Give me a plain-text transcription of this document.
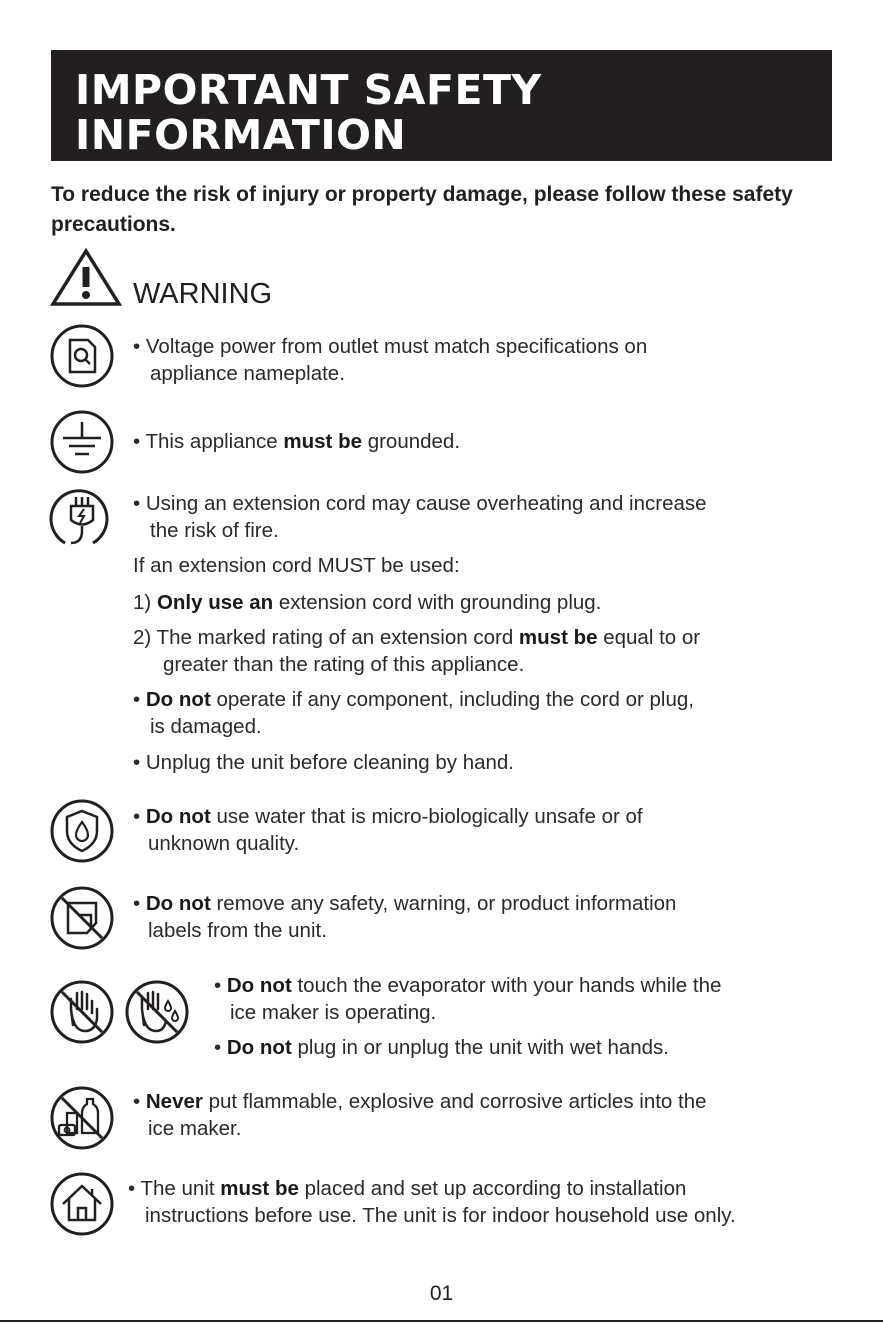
IMPORTANT SAFETY
INFORMATION
To reduce the risk of injury or property damage, please follow these safety precautions.
WARNING
• Voltage power from outlet must match specifications on
appliance nameplate.
• This appliance must be grounded.
• Using an extension cord may cause overheating and increase
the risk of fire.
If an extension cord MUST be used:
1) Only use an extension cord with grounding plug.
2) The marked rating of an extension cord must be equal to or
greater than the rating of this appliance.
• Do not operate if any component, including the cord or plug,
is damaged.
• Unplug the unit before cleaning by hand.
• Do not use water that is micro-biologically unsafe or of
unknown quality.
• Do not remove any safety, warning, or product information
labels from the unit.
• Do not touch the evaporator with your hands while the
ice maker is operating.
• Do not plug in or unplug the unit with wet hands.
• Never put flammable, explosive and corrosive articles into the
ice maker.
• The unit must be placed and set up according to installation
instructions before use. The unit is for indoor household use only.
01
